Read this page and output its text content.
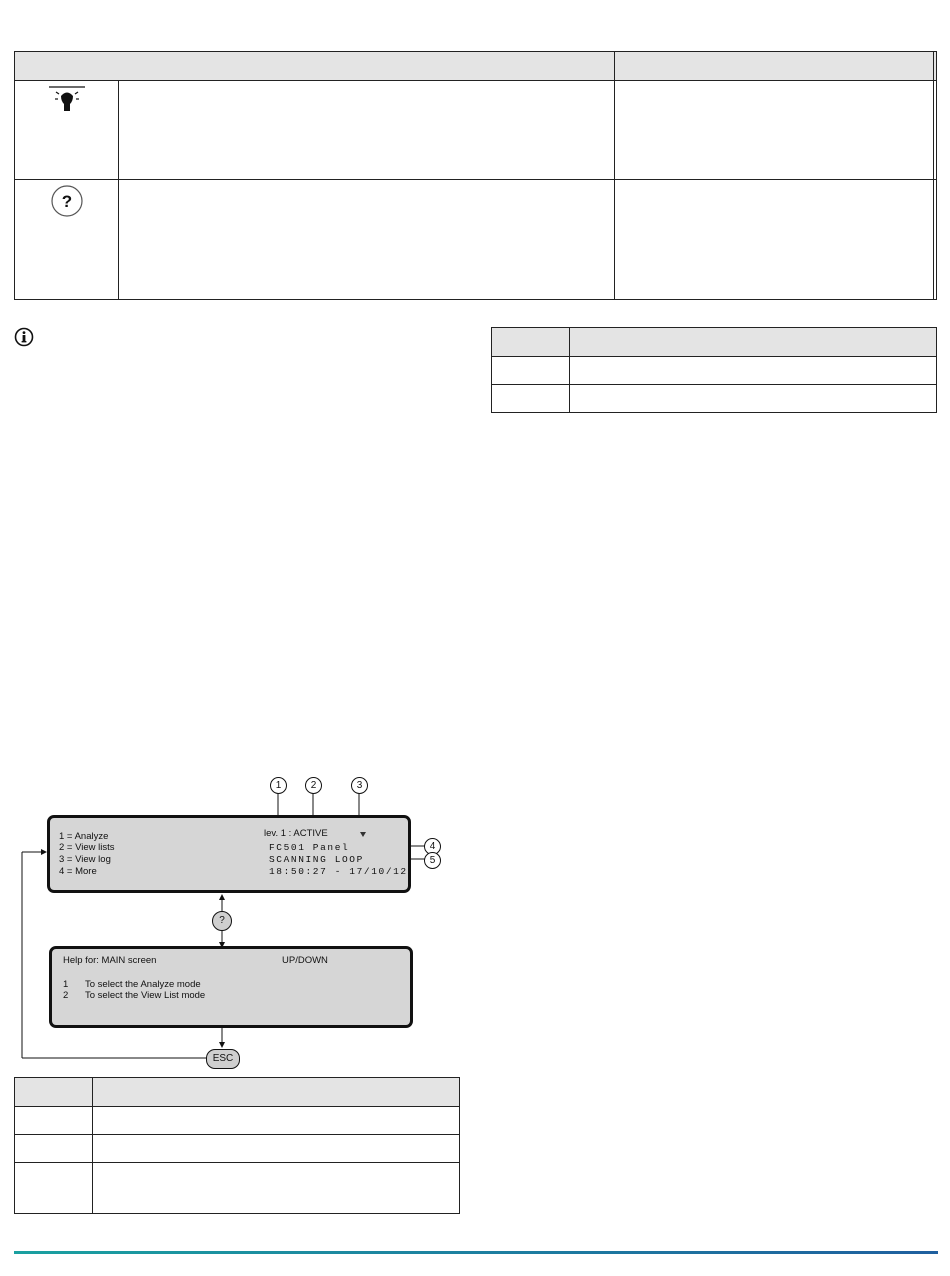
?			

1	2	3
4
5
1 = Analyze
2 = View lists
3 = View log
4 = More
lev. 1 : ACTIVE
FC501 Panel
SCANNING LOOP
18:50:27 - 17/10/12
?
Help for: MAIN screen	UP/DOWN
1 To select the Analyze mode
2 To select the View List mode
ESC
